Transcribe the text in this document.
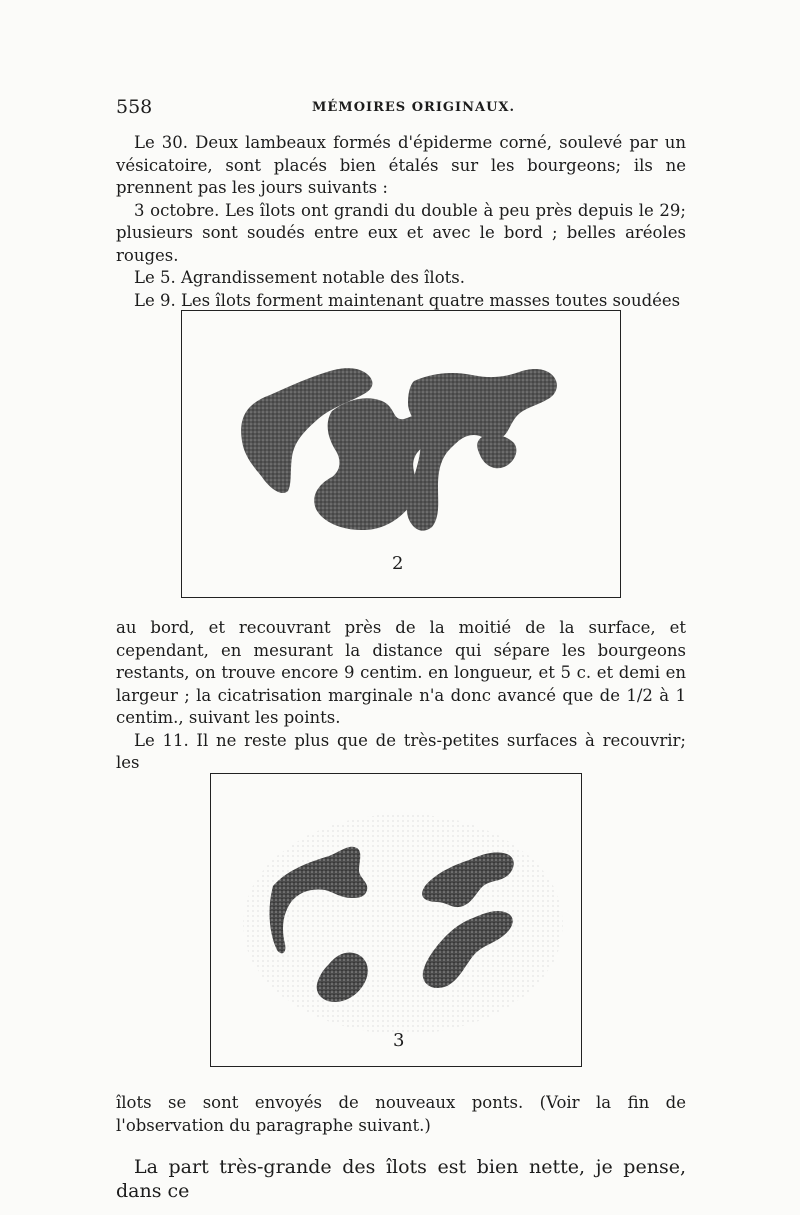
558	MÉMOIRES ORIGINAUX.

Le 30. Deux lambeaux formés d'épiderme corné, soulevé par un vésicatoire, sont placés bien étalés sur les bourgeons; ils ne prennent pas les jours suivants :

3 octobre. Les îlots ont grandi du double à peu près depuis le 29; plusieurs sont soudés entre eux et avec le bord ; belles aréoles rouges.

Le 5. Agrandissement notable des îlots.

Le 9. Les îlots forment maintenant quatre masses toutes soudées

2

au bord, et recouvrant près de la moitié de la surface, et cependant, en mesurant la distance qui sépare les bourgeons restants, on trouve encore 9 centim. en longueur, et 5 c. et demi en largeur ; la cicatrisation marginale n'a donc avancé que de 1/2 à 1 centim., suivant les points.

Le 11. Il ne reste plus que de très-petites surfaces à recouvrir; les

3

îlots se sont envoyés de nouveaux ponts. (Voir la fin de l'observation du paragraphe suivant.)

La part très-grande des îlots est bien nette, je pense, dans ce
